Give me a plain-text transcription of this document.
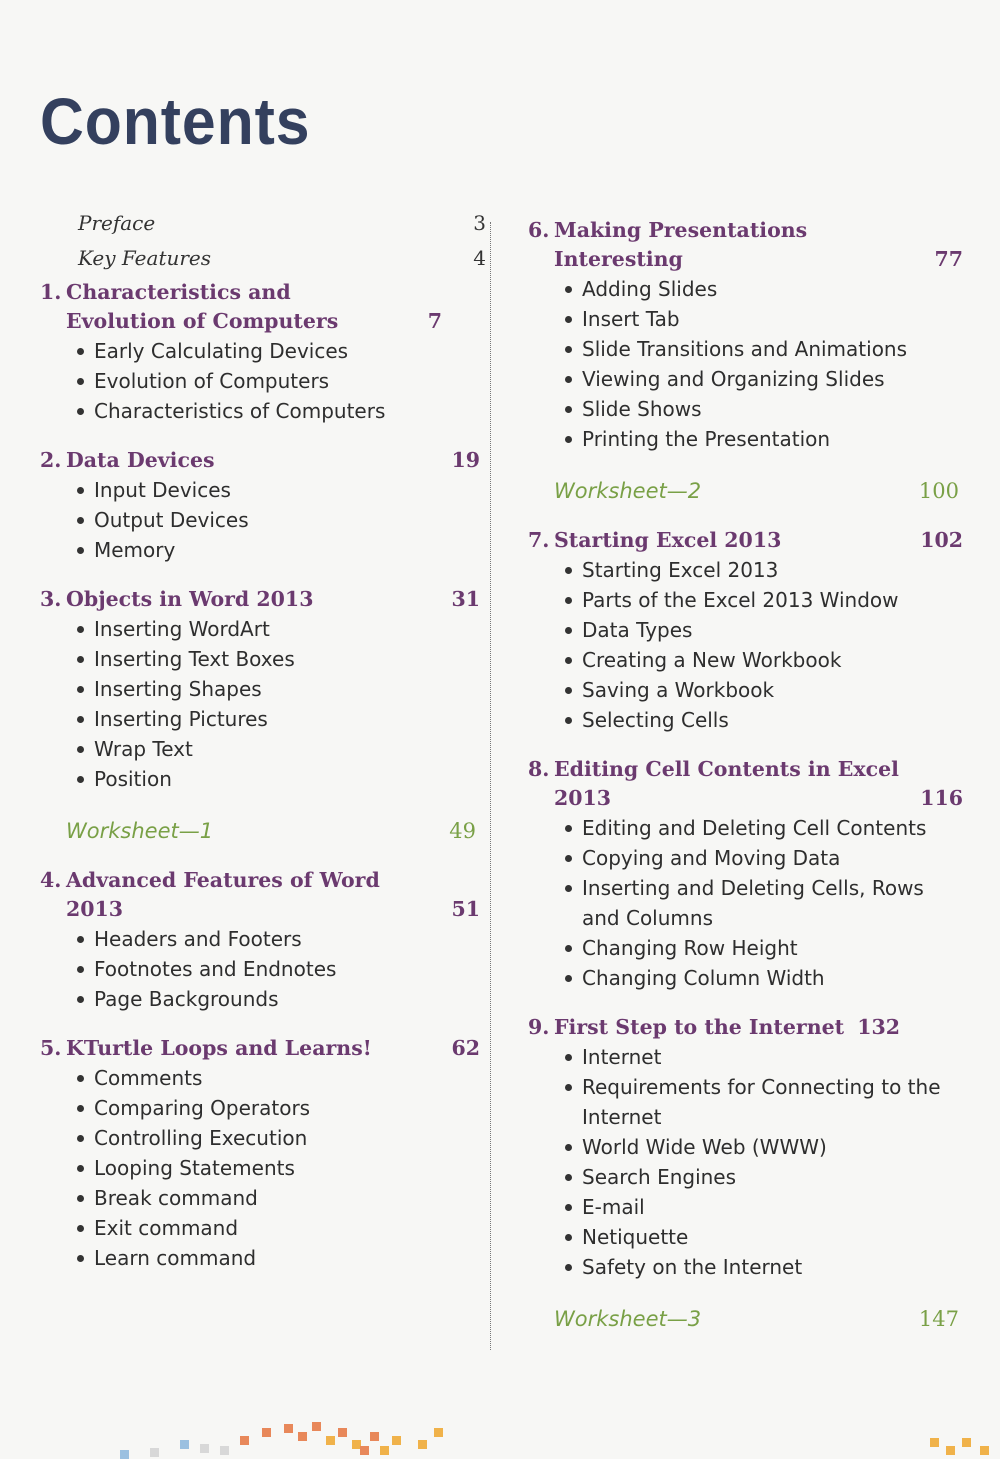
Contents
Preface	3
Key Features	4
1. Characteristics and Evolution of Computers	7
Early Calculating Devices
Evolution of Computers
Characteristics of Computers
2. Data Devices	19
Input Devices
Output Devices
Memory
3. Objects in Word 2013	31
Inserting WordArt
Inserting Text Boxes
Inserting Shapes
Inserting Pictures
Wrap Text
Position
Worksheet—1	49
4. Advanced Features of Word 2013	51
Headers and Footers
Footnotes and Endnotes
Page Backgrounds
5. KTurtle Loops and Learns!	62
Comments
Comparing Operators
Controlling Execution
Looping Statements
Break command
Exit command
Learn command
6. Making Presentations Interesting	77
Adding Slides
Insert Tab
Slide Transitions and Animations
Viewing and Organizing Slides
Slide Shows
Printing the Presentation
Worksheet—2	100
7. Starting Excel 2013	102
Starting Excel 2013
Parts of the Excel 2013 Window
Data Types
Creating a New Workbook
Saving a Workbook
Selecting Cells
8. Editing Cell Contents in Excel 2013	116
Editing and Deleting Cell Contents
Copying and Moving Data
Inserting and Deleting Cells, Rows and Columns
Changing Row Height
Changing Column Width
9. First Step to the Internet 132
Internet
Requirements for Connecting to the Internet
World Wide Web (WWW)
Search Engines
E-mail
Netiquette
Safety on the Internet
Worksheet—3	147
